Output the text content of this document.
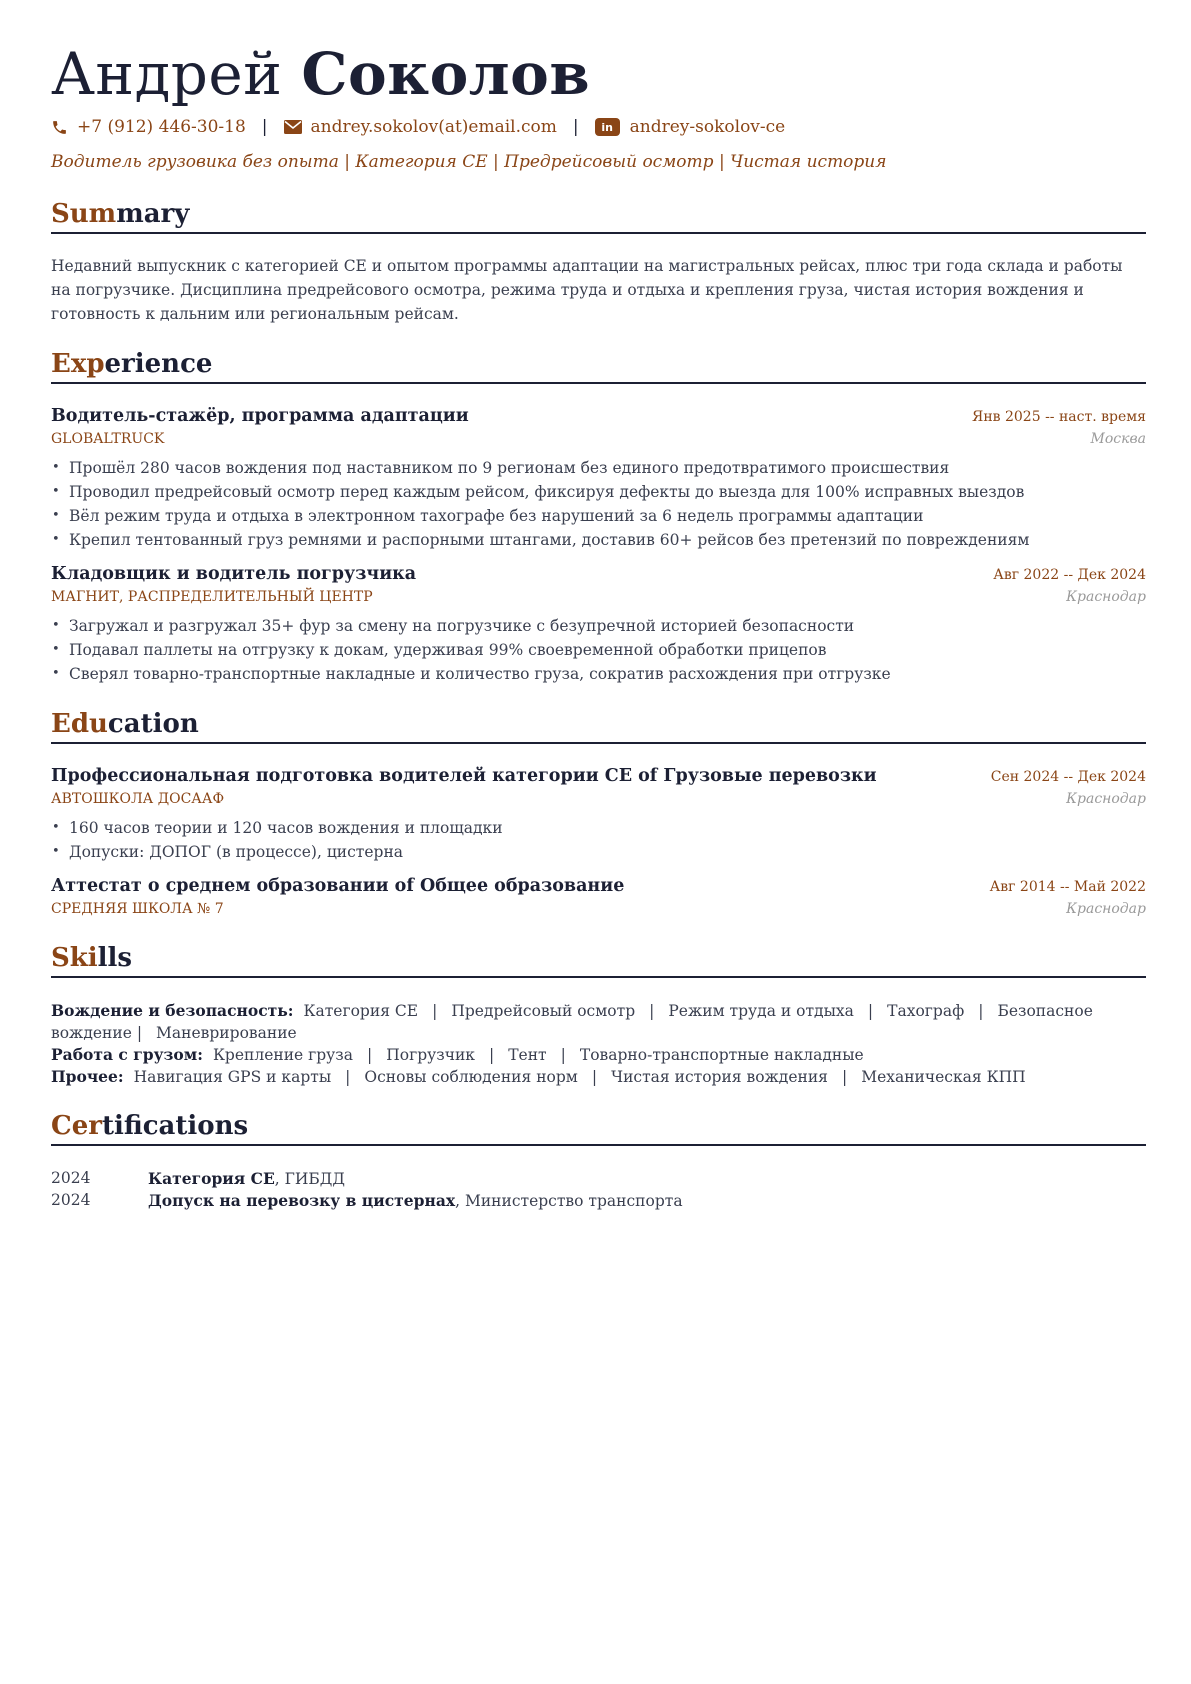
Андрей Соколов
+7 (912) 446-30-18 |	andrey.sokolov(at)email.com |	in andrey-sokolov-ce
Водитель грузовика без опыта | Категория CE | Предрейсовый осмотр | Чистая история
Summary
Недавний выпускник с категорией CE и опытом программы адаптации на магистральных рейсах, плюс три года склада и работы на погрузчике. Дисциплина предрейсового осмотра, режима труда и отдыха и крепления груза, чистая история вождения и готовность к дальним или региональным рейсам.
Experience
Водитель-стажёр, программа адаптации	Янв 2025 -- наст. время
GLOBALTRUCK	Москва
• Прошёл 280 часов вождения под наставником по 9 регионам без единого предотвратимого происшествия
• Проводил предрейсовый осмотр перед каждым рейсом, фиксируя дефекты до выезда для 100% исправных выездов
• Вёл режим труда и отдыха в электронном тахографе без нарушений за 6 недель программы адаптации
• Крепил тентованный груз ремнями и распорными штангами, доставив 60+ рейсов без претензий по повреждениям
Кладовщик и водитель погрузчика	Авг 2022 -- Дек 2024
МАГНИТ, РАСПРЕДЕЛИТЕЛЬНЫЙ ЦЕНТР	Краснодар
• Загружал и разгружал 35+ фур за смену на погрузчике с безупречной историей безопасности
• Подавал паллеты на отгрузку к докам, удерживая 99% своевременной обработки прицепов
• Сверял товарно-транспортные накладные и количество груза, сократив расхождения при отгрузке
Education
Профессиональная подготовка водителей категории CE of Грузовые перевозки	Сен 2024 -- Дек 2024
АВТОШКОЛА ДОСААФ	Краснодар
• 160 часов теории и 120 часов вождения и площадки
• Допуски: ДОПОГ (в процессе), цистерна
Аттестат о среднем образовании of Общее образование	Авг 2014 -- Май 2022
СРЕДНЯЯ ШКОЛА № 7	Краснодар
Skills

Вождение и безопасность: Категория CE | Предрейсовый осмотр | Режим труда и отдыха | Тахограф | Безопасное вождение | Маневрирование

Работа с грузом: Крепление груза | Погрузчик | Тент | Товарно-транспортные накладные

Прочее: Навигация GPS и карты | Основы соблюдения норм | Чистая история вождения | Механическая КПП

Certifications
2024	Категория CE, ГИБДД
2024	Допуск на перевозку в цистернах, Министерство транспорта
